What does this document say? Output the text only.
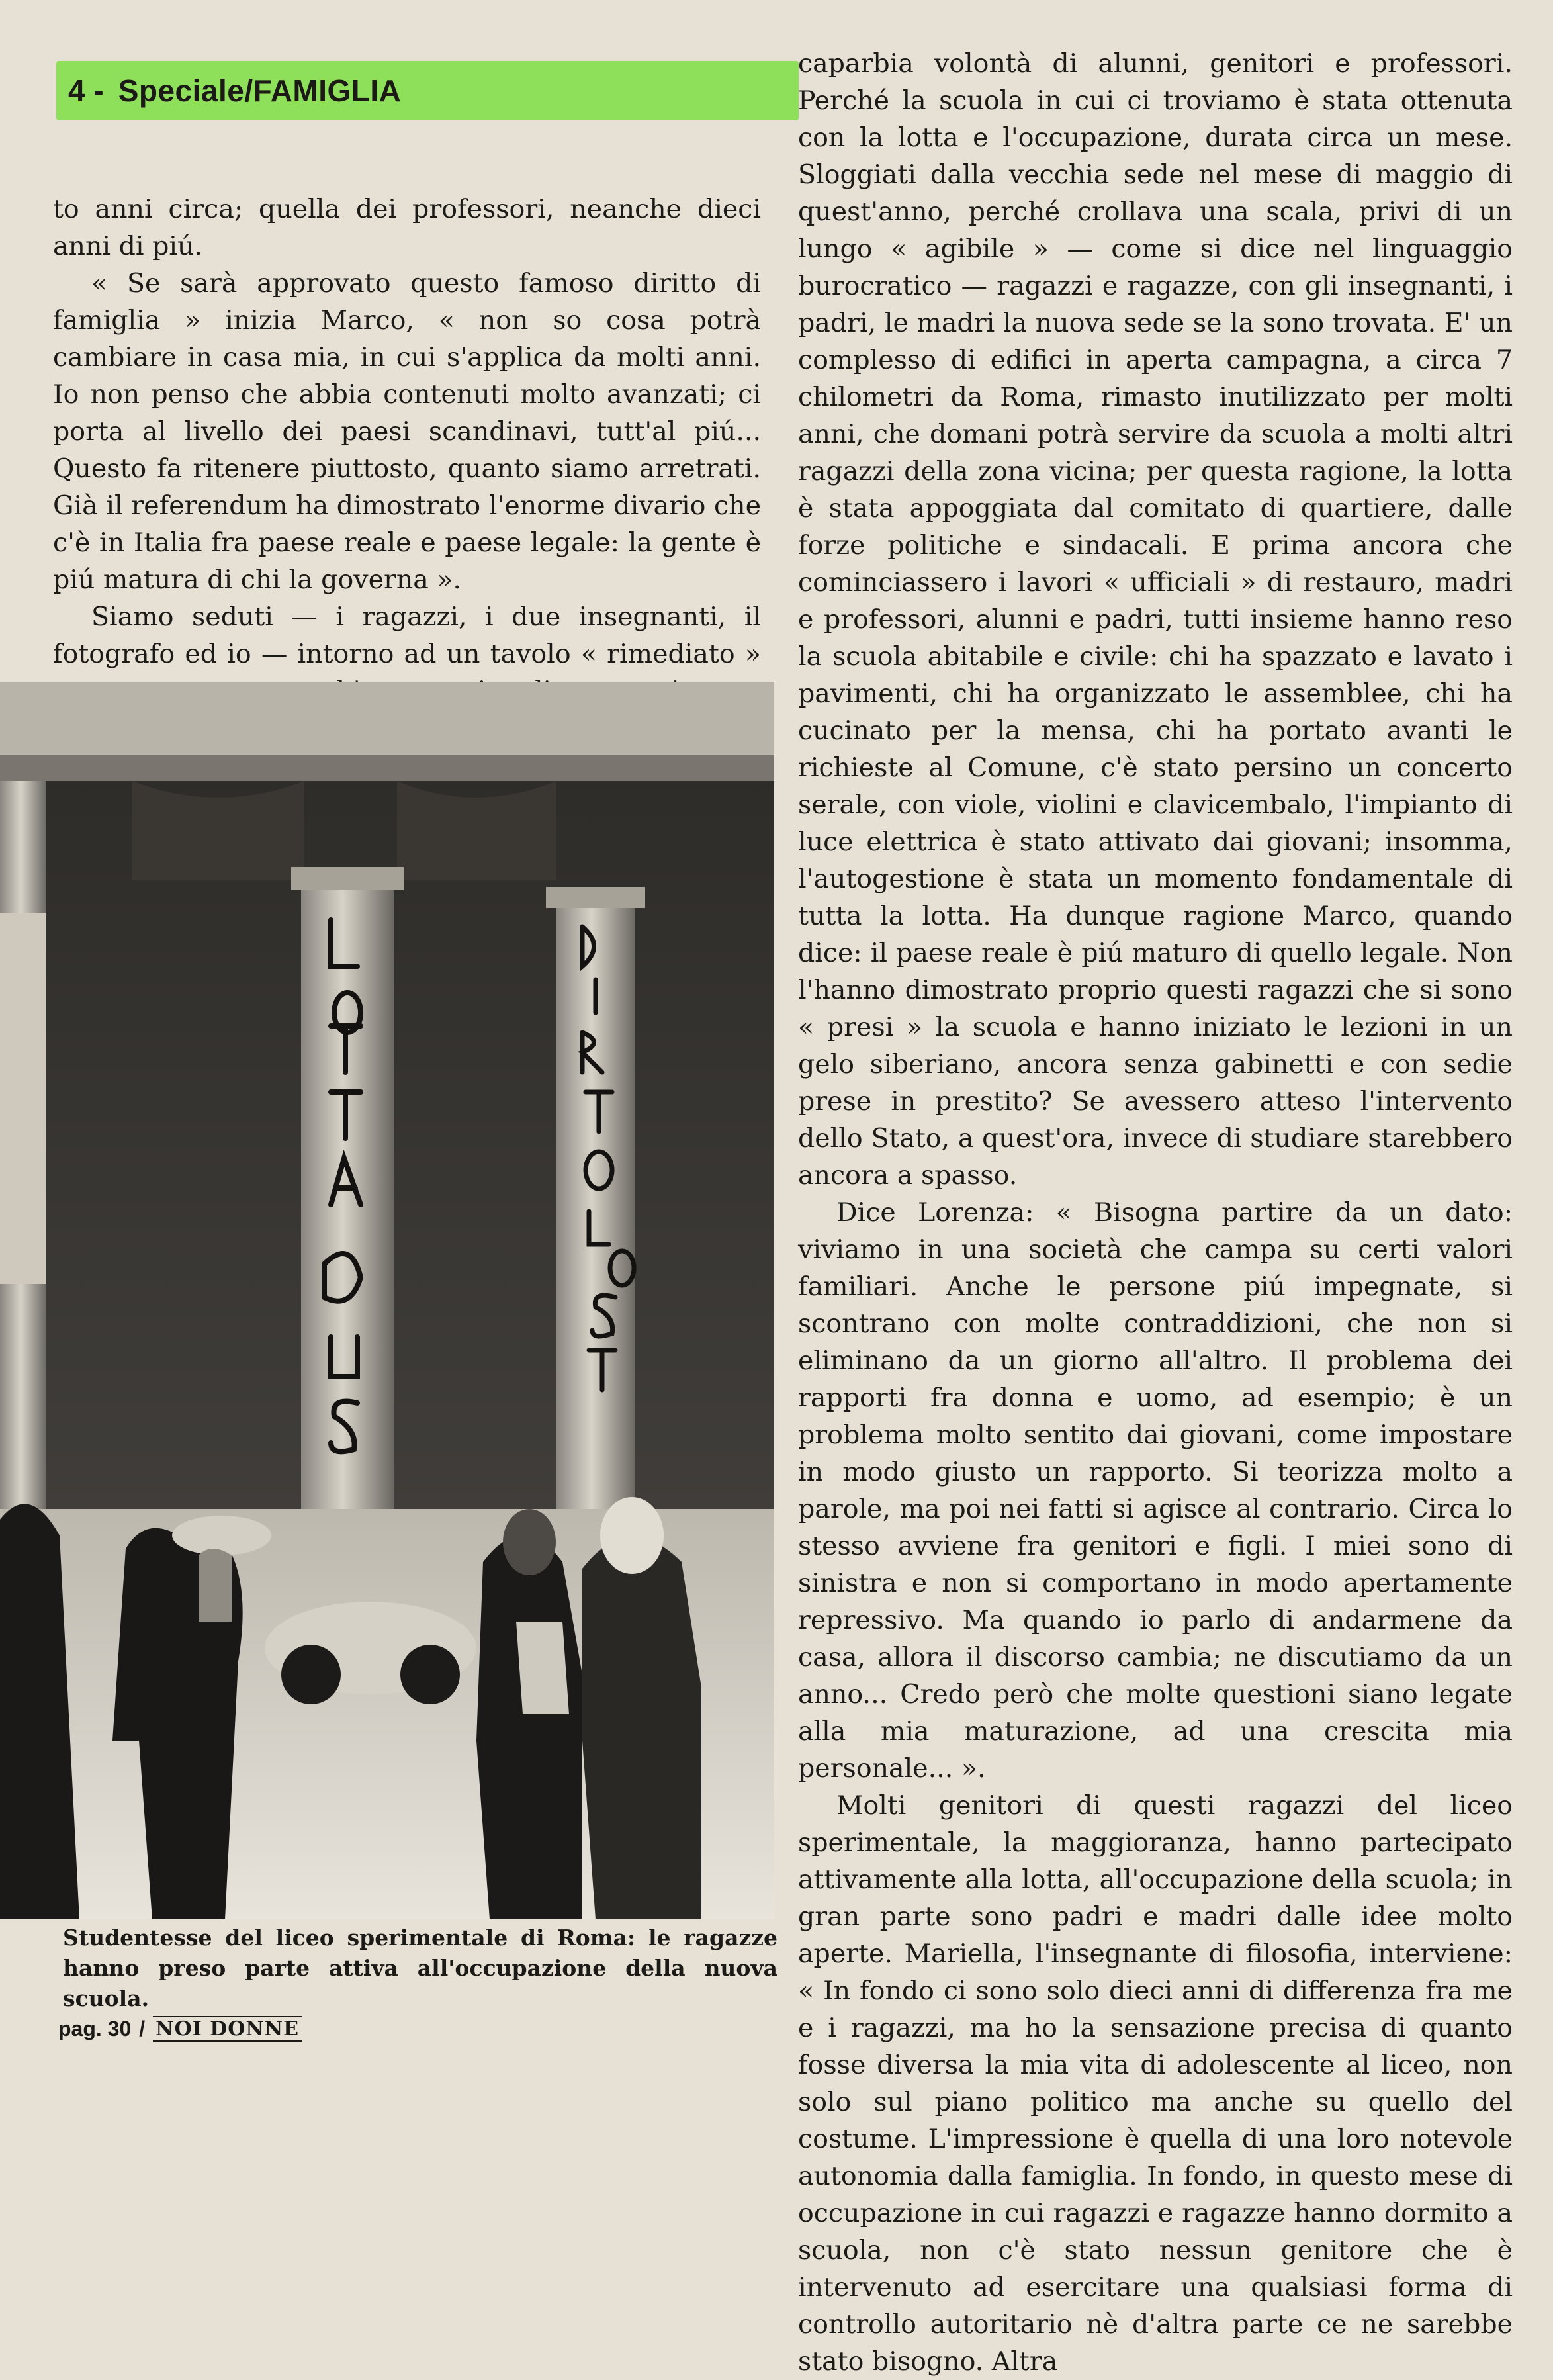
4 - Speciale/FAMIGLIA

to anni circa; quella dei professori, neanche dieci anni di piú.

« Se sarà approvato questo famoso diritto di famiglia » inizia Marco, « non so cosa potrà cambiare in casa mia, in cui s'applica da molti anni. Io non penso che abbia contenuti molto avanzati; ci porta al livello dei paesi scandinavi, tutt'al piú... Questo fa ritenere piuttosto, quanto siamo arretrati. Già il referendum ha dimostrato l'enorme divario che c'è in Italia fra paese reale e paese legale: la gente è piú matura di chi la governa ».

Siamo seduti — i ragazzi, i due insegnanti, il fotografo ed io — intorno ad un tavolo « rimediato »

caparbia volontà di alunni, genitori e professori. Perché la scuola in cui ci troviamo è stata ottenuta con la lotta e l'occupazione, durata circa un mese. Sloggiati dalla vecchia sede nel mese di maggio di quest'anno, perché crollava una scala, privi di un lungo « agibile » — come si dice nel linguaggio burocratico — ragazzi e ragazze, con gli insegnanti, i padri, le madri la nuova sede se la sono trovata. E' un complesso di edifici in aperta campagna, a circa 7 chilometri da Roma, rimasto inutilizzato per molti anni, che domani potrà servire da scuola a molti altri ragazzi della zona vicina; per questa ragione, la lotta è stata appoggiata dal comitato di quartiere, dalle forze politiche e sindacali. E prima ancora che cominciassero i lavori « ufficiali » di restauro, madri e professori, alunni e padri, tutti insieme hanno reso la scuola abitabile e civile: chi ha spazzato e lavato i pavimenti, chi ha organizzato le assemblee, chi ha cucinato per la mensa, chi ha portato avanti le richieste al Comune, c'è stato persino un concerto serale, con viole, violini e clavicembalo, l'impianto di luce elettrica è stato attivato dai giovani; insomma, l'autogestione è stata un momento fondamentale di tutta la lotta. Ha dunque ragione Marco, quando dice: il paese reale è piú maturo di quello legale. Non l'hanno dimostrato proprio questi ragazzi che si sono « presi » la scuola e hanno iniziato le lezioni in un gelo siberiano, ancora senza gabinetti e con sedie prese in prestito? Se avessero atteso l'intervento dello Stato, a quest'ora, invece di studiare starebbero ancora a spasso.

Dice Lorenza: « Bisogna partire da un dato: viviamo in una società che campa su certi valori familiari. Anche le persone piú impegnate, si scontrano con molte contraddizioni, che non si eliminano da un giorno all'altro. Il problema dei rapporti fra donna e uomo, ad esempio; è un problema molto sentito dai giovani, come impostare in modo giusto un rapporto. Si teorizza molto a parole, ma poi nei fatti si agisce al contrario. Circa lo stesso avviene fra genitori e figli. I miei sono di sinistra e non si comportano in modo apertamente repressivo. Ma quando io parlo di andarmene da casa, allora il discorso cambia; ne discutiamo da un anno... Credo però che molte questioni siano legate alla mia maturazione, ad una crescita mia personale... ».

Molti genitori di questi ragazzi del liceo sperimentale, la maggioranza, hanno partecipato attivamente alla lotta, all'occupazione della scuola; in gran parte sono padri e madri dalle idee molto aperte. Mariella, l'insegnante di filosofia, interviene: « In fondo ci sono solo dieci anni di differenza fra me e i ragazzi, ma ho la sensazione precisa di quanto fosse diversa la mia vita di adolescente al liceo, non solo sul piano politico ma anche su quello del costume. L'impressione è quella di una loro notevole autonomia dalla famiglia. In fondo, in questo mese di occupazione in cui ragazzi e ragazze hanno dormito a scuola, non c'è stato nessun genitore che è intervenuto ad esercitare una qualsiasi forma di controllo autoritario nè d'altra parte ce ne sarebbe stato bisogno. Altra

Studentesse del liceo sperimentale di Roma: le ragazze hanno preso parte attiva all'occupazione della nuova scuola.
pag. 30 / NOI DONNE
